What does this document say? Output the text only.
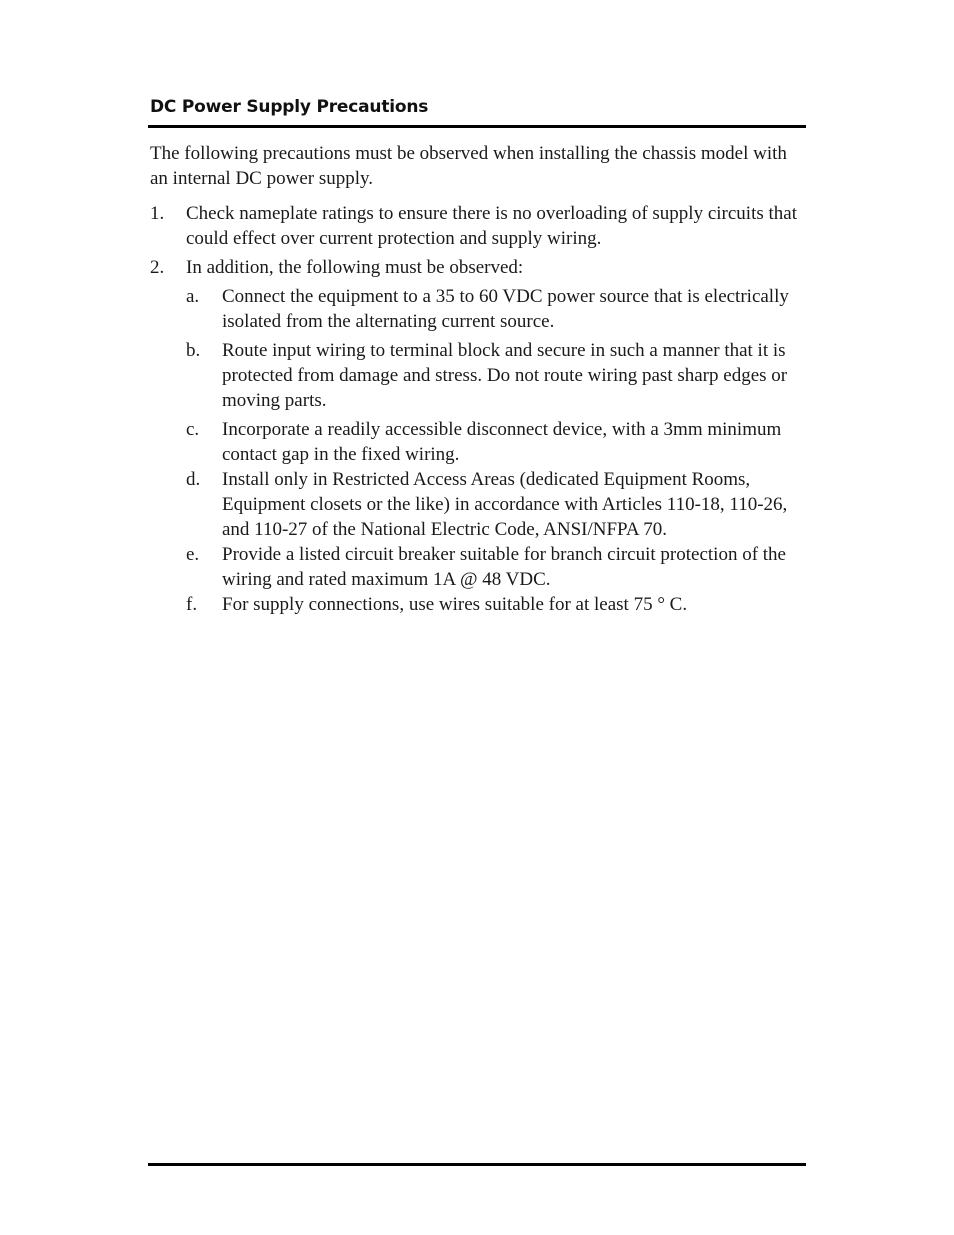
DC Power Supply Precautions

The following precautions must be observed when installing the chassis model with an internal DC power supply.

1. Check nameplate ratings to ensure there is no overloading of supply circuits that could effect over current protection and supply wiring.
2. In addition, the following must be observed:
a. Connect the equipment to a 35 to 60 VDC power source that is electrically isolated from the alternating current source.
b. Route input wiring to terminal block and secure in such a manner that it is protected from damage and stress. Do not route wiring past sharp edges or moving parts.
c. Incorporate a readily accessible disconnect device, with a 3mm minimum contact gap in the fixed wiring.
d. Install only in Restricted Access Areas (dedicated Equipment Rooms, Equipment closets or the like) in accordance with Articles 110-18, 110-26, and 110-27 of the National Electric Code, ANSI/NFPA 70.
e. Provide a listed circuit breaker suitable for branch circuit protection of the wiring and rated maximum 1A @ 48 VDC.
f. For supply connections, use wires suitable for at least 75 ° C.
